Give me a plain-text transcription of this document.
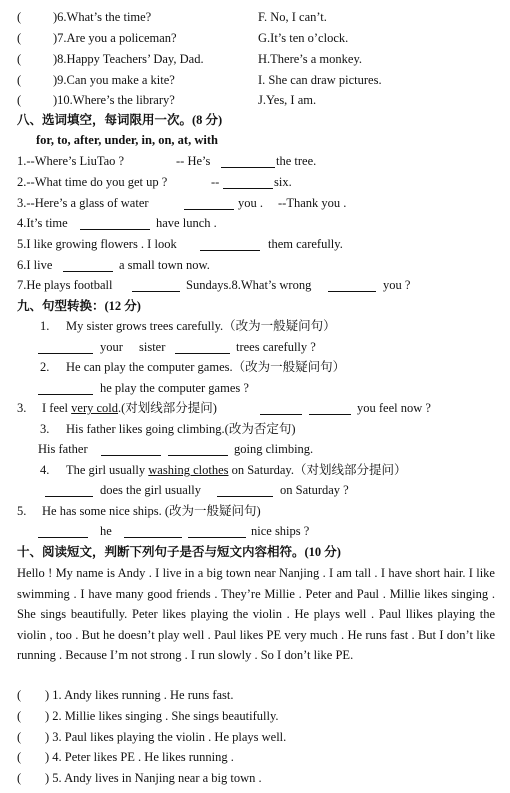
(	)6.What’s the time?	F. No, I can’t.
(	)7.Are you a policeman?	G.It’s ten o’clock.
(	)8.Happy Teachers’ Day, Dad.	H.There’s a monkey.
(	)9.Can you make a kite?	I. She can draw pictures.
(	)10.Where’s the library?	J.Yes, I am.
八、选词填空，每词限用一次。(8 分)
for, to, after, under, in, on, at, with
1.--Where’s LiuTao ?	-- He’s	the tree.
2.--What time do you get up ?	--	six.
3.--Here’s a glass of water	you . --Thank you .
4.It’s time	have lunch .
5.I like growing flowers . I look	them carefully.
6.I live	a small town now.
7.He plays football	Sundays.8.What’s wrong	you ?
九、句型转换：(12 分)
1. My sister grows trees carefully.（改为一般疑问句）
your sister	trees carefully ?
2. He can play the computer games.（改为一般疑问句）
he play the computer games ?
3. I feel very cold.(对划线部分提问)	you feel now ?
3. His father likes going climbing.(改为否定句)
His father	going climbing.
4. The girl usually washing clothes on Saturday.（对划线部分提问）
does the girl usually	on Saturday ?
5. He has some nice ships. (改为一般疑问句)
he	nice ships ?
十、阅读短文，判断下列句子是否与短文内容相符。(10 分)
Hello ! My name is Andy . I live in a big town near Nanjing . I am tall . I have short hair. I like swimming . I have many good friends . They’re Millie . Peter and Paul . Millie likes singing . She sings beautifully. Peter likes playing the violin . He plays well . Paul llikes playing the violin , too . But he doesn’t play well . Paul likes PE very much . He runs fast . But I don’t like running . Because I’m not strong . I run slowly . So I don’t like PE.
( ) 1. Andy likes running . He runs fast.
( ) 2. Millie likes singing . She sings beautifully.
( ) 3. Paul likes playing the violin . He plays well.
( ) 4. Peter likes PE . He likes running .
( ) 5. Andy lives in Nanjing near a big town .
